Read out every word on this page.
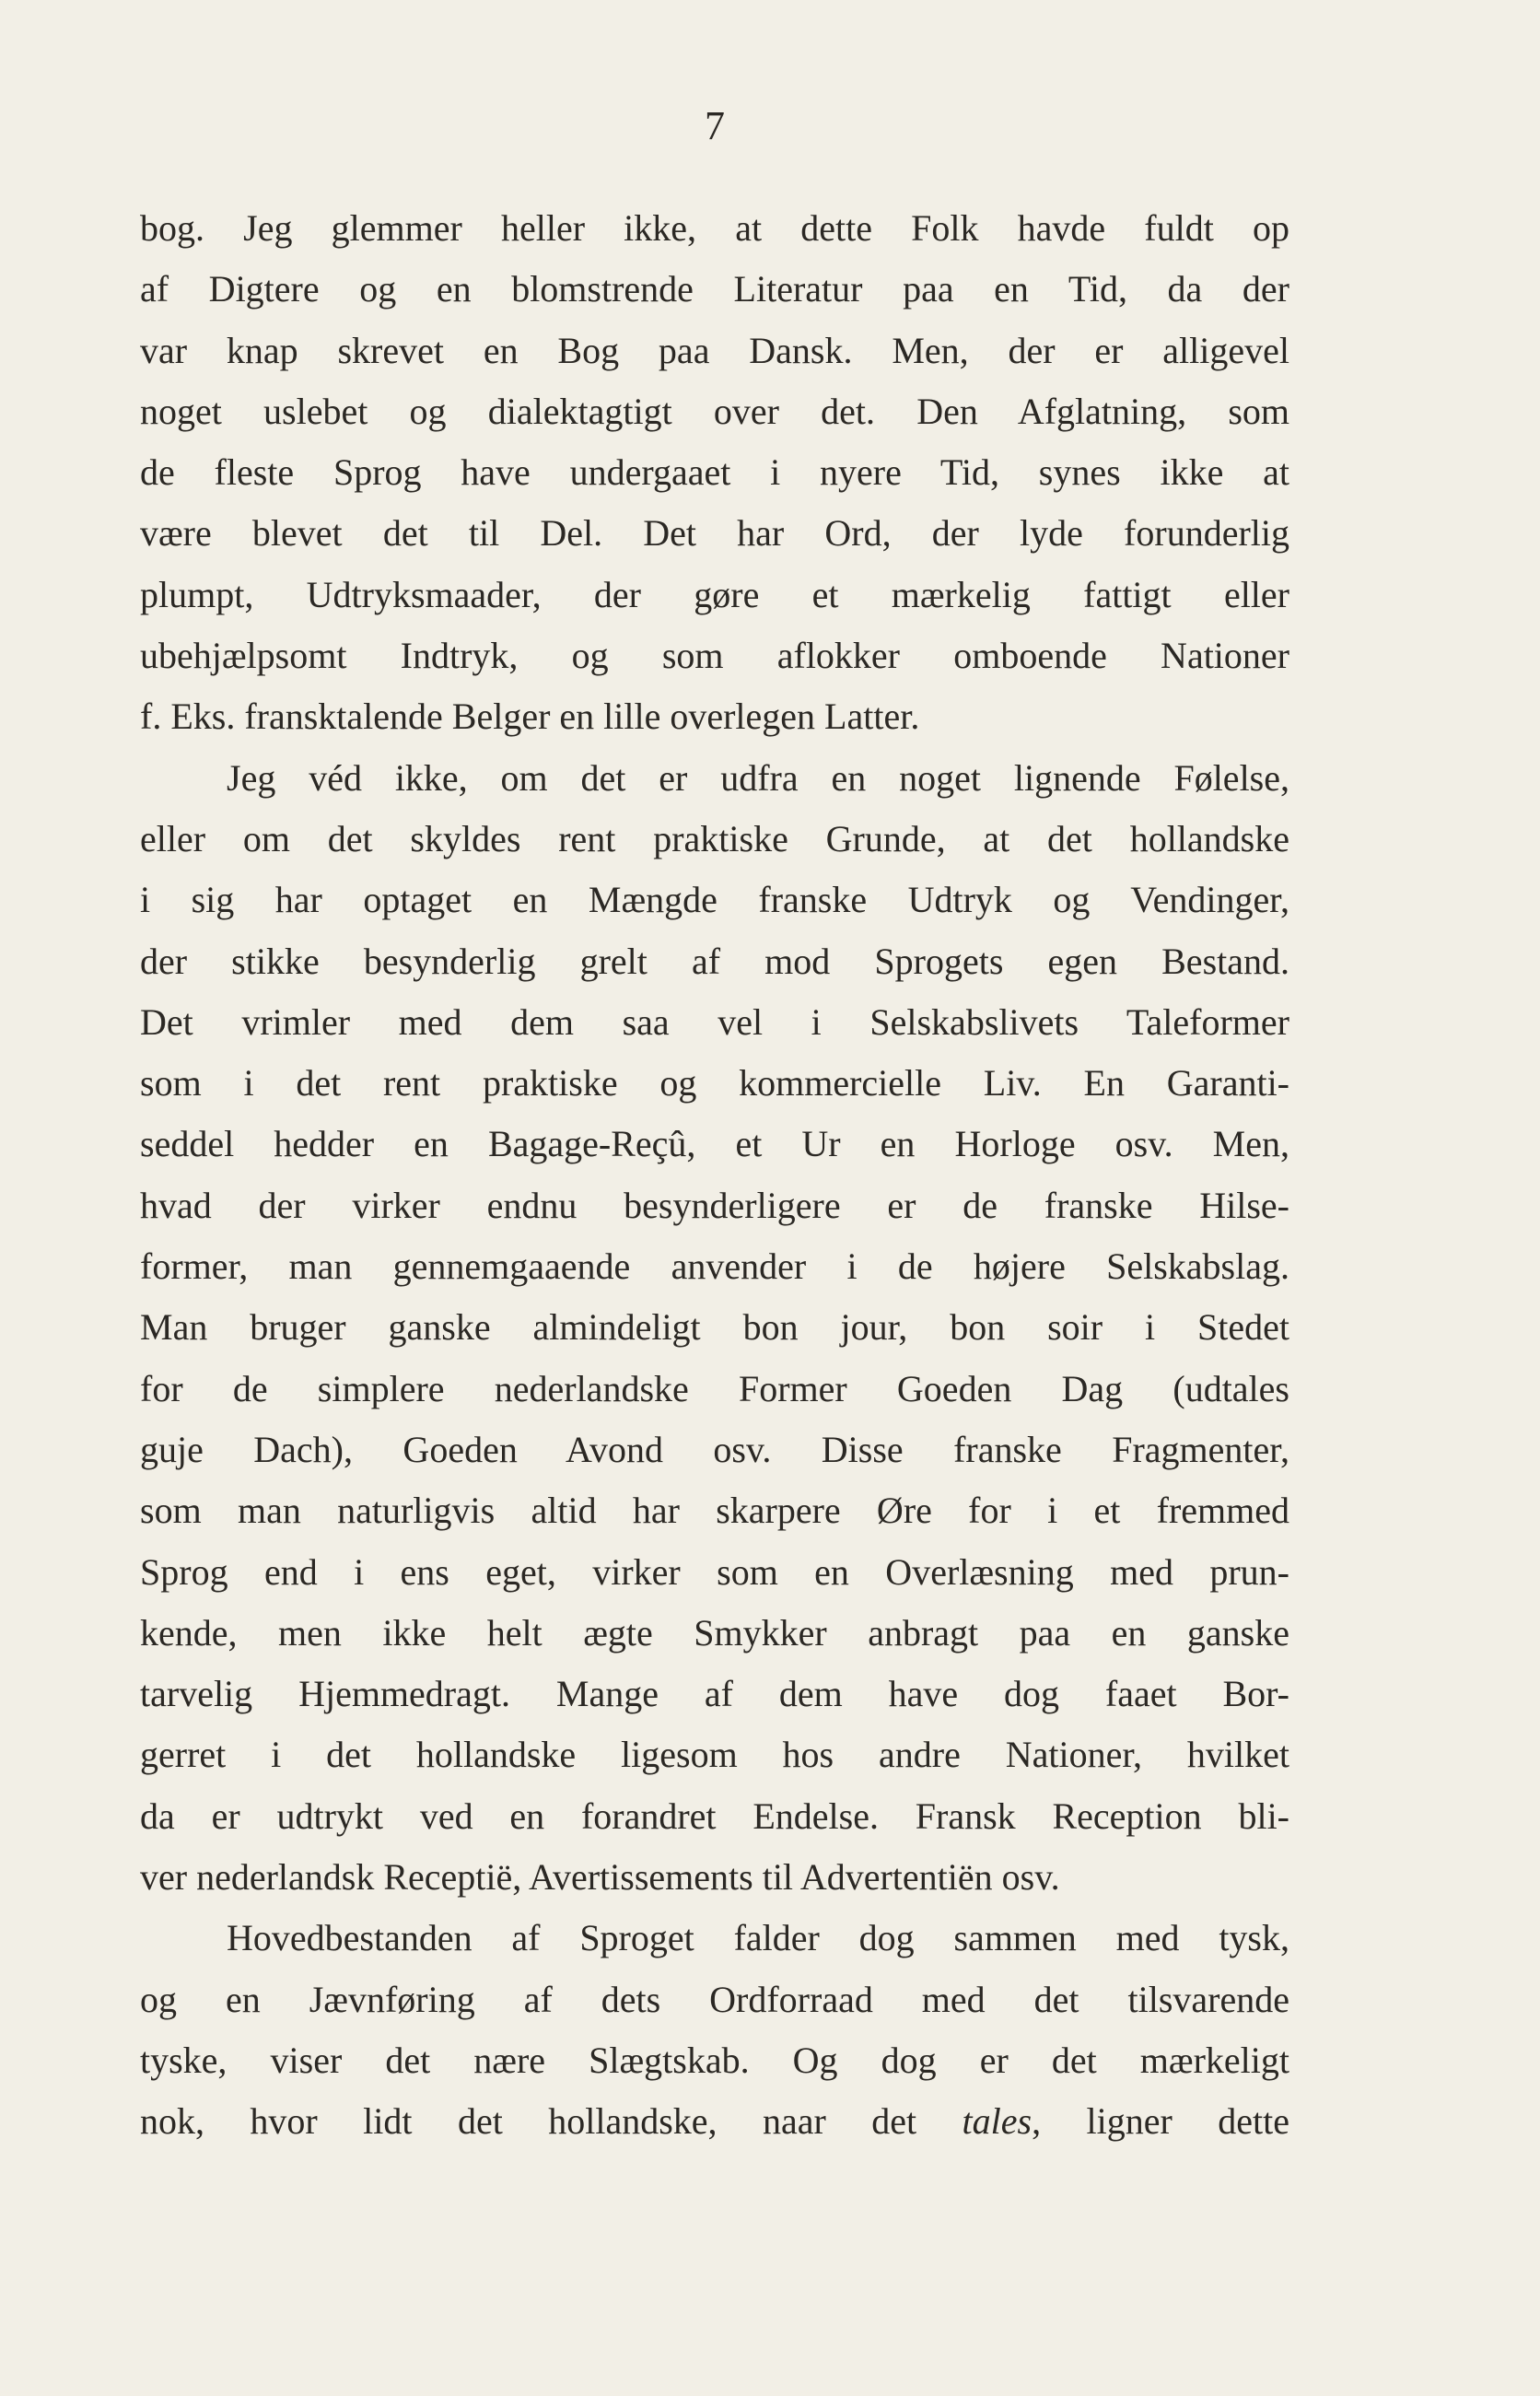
7
bog. Jeg glemmer heller ikke, at dette Folk havde fuldt op
af Digtere og en blomstrende Literatur paa en Tid, da der
var knap skrevet en Bog paa Dansk. Men, der er alligevel
noget uslebet og dialektagtigt over det. Den Afglatning, som
de fleste Sprog have undergaaet i nyere Tid, synes ikke at
være blevet det til Del. Det har Ord, der lyde forunderlig
plumpt, Udtryksmaader, der gøre et mærkelig fattigt eller
ubehjælpsomt Indtryk, og som aflokker omboende Nationer
f. Eks. fransktalende Belger en lille overlegen Latter.
Jeg véd ikke, om det er udfra en noget lignende Følelse,
eller om det skyldes rent praktiske Grunde, at det hollandske
i sig har optaget en Mængde franske Udtryk og Vendinger,
der stikke besynderlig grelt af mod Sprogets egen Bestand.
Det vrimler med dem saa vel i Selskabslivets Taleformer
som i det rent praktiske og kommercielle Liv. En Garanti-
seddel hedder en Bagage-Reçû, et Ur en Horloge osv. Men,
hvad der virker endnu besynderligere er de franske Hilse-
former, man gennemgaaende anvender i de højere Selskabslag.
Man bruger ganske almindeligt bon jour, bon soir i Stedet
for de simplere nederlandske Former Goeden Dag (udtales
guje Dach), Goeden Avond osv. Disse franske Fragmenter,
som man naturligvis altid har skarpere Øre for i et fremmed
Sprog end i ens eget, virker som en Overlæsning med prun-
kende, men ikke helt ægte Smykker anbragt paa en ganske
tarvelig Hjemmedragt. Mange af dem have dog faaet Bor-
gerret i det hollandske ligesom hos andre Nationer, hvilket
da er udtrykt ved en forandret Endelse. Fransk Reception bli-
ver nederlandsk Receptië, Avertissements til Advertentiën osv.
Hovedbestanden af Sproget falder dog sammen med tysk,
og en Jævnføring af dets Ordforraad med det tilsvarende
tyske, viser det nære Slægtskab. Og dog er det mærkeligt
nok, hvor lidt det hollandske, naar det tales, ligner dette
